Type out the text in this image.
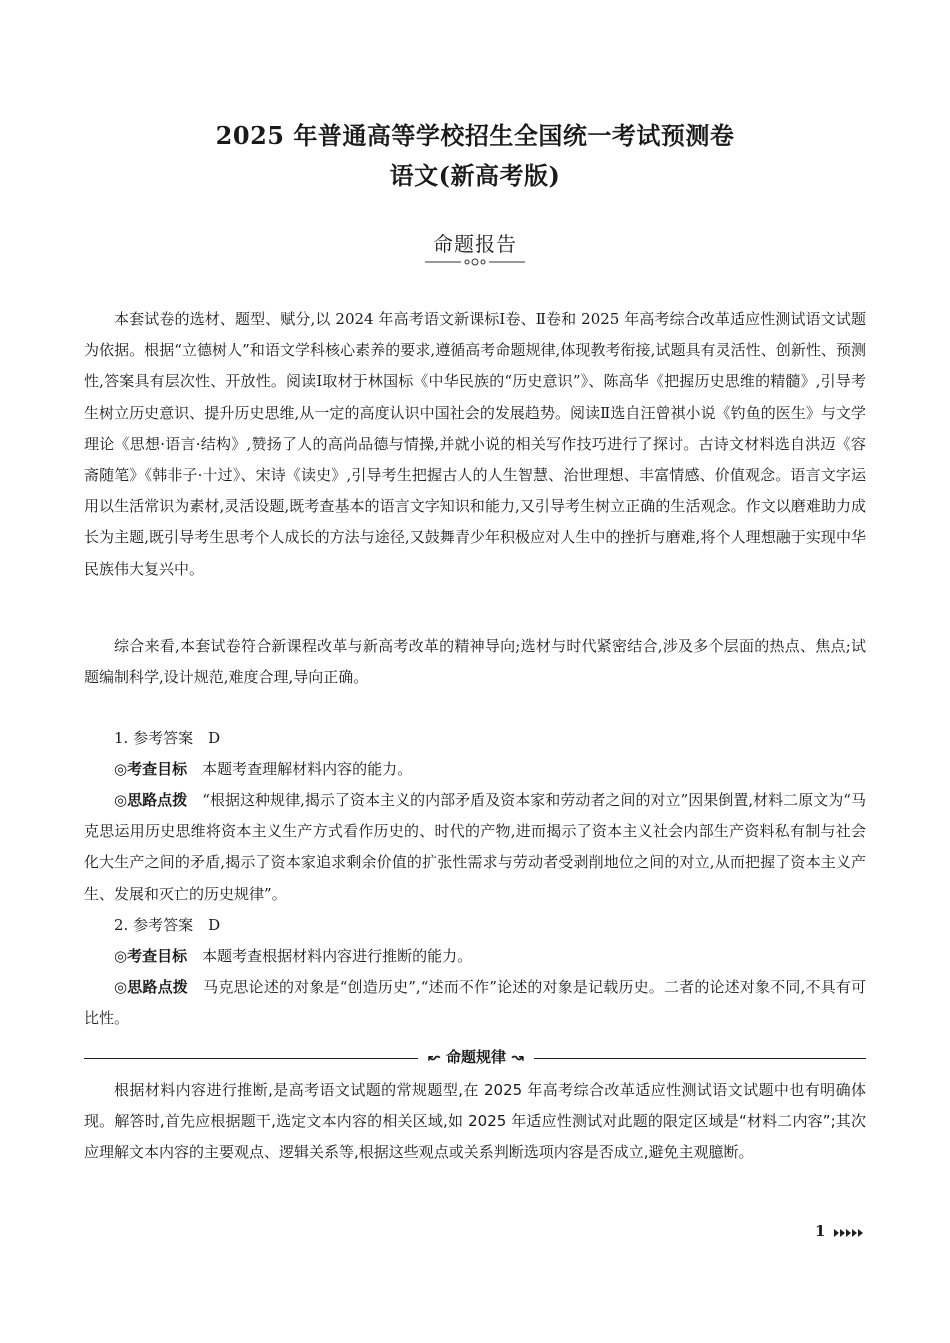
2025 年普通高等学校招生全国统一考试预测卷
语文(新高考版)
命题报告

本套试卷的选材、题型、赋分,以 2024 年高考语文新课标Ⅰ卷、Ⅱ卷和 2025 年高考综合改革适应性测试语文试题为依据。根据“立德树人”和语文学科核心素养的要求,遵循高考命题规律,体现教考衔接,试题具有灵活性、创新性、预测性,答案具有层次性、开放性。阅读Ⅰ取材于林国标《中华民族的“历史意识”》、陈高华《把握历史思维的精髓》,引导考生树立历史意识、提升历史思维,从一定的高度认识中国社会的发展趋势。阅读Ⅱ选自汪曾祺小说《钓鱼的医生》与文学理论《思想·语言·结构》,赞扬了人的高尚品德与情操,并就小说的相关写作技巧进行了探讨。古诗文材料选自洪迈《容斋随笔》《韩非子·十过》、宋诗《读史》,引导考生把握古人的人生智慧、治世理想、丰富情感、价值观念。语言文字运用以生活常识为素材,灵活设题,既考查基本的语言文字知识和能力,又引导考生树立正确的生活观念。作文以磨难助力成长为主题,既引导考生思考个人成长的方法与途径,又鼓舞青少年积极应对人生中的挫折与磨难,将个人理想融于实现中华民族伟大复兴中。

综合来看,本套试卷符合新课程改革与新高考改革的精神导向;选材与时代紧密结合,涉及多个层面的热点、焦点;试题编制科学,设计规范,难度合理,导向正确。

1. 参考答案　D

◎考查目标　 本题考查理解材料内容的能力。

◎思路点拨　 “根据这种规律,揭示了资本主义的内部矛盾及资本家和劳动者之间的对立”因果倒置,材料二原文为“马克思运用历史思维将资本主义生产方式看作历史的、时代的产物,进而揭示了资本主义社会内部生产资料私有制与社会化大生产之间的矛盾,揭示了资本家追求剩余价值的扩张性需求与劳动者受剥削地位之间的对立,从而把握了资本主义产生、发展和灭亡的历史规律”。

2. 参考答案　D

◎考查目标　 本题考查根据材料内容进行推断的能力。

◎思路点拨　 马克思论述的对象是“创造历史”,“述而不作”论述的对象是记载历史。二者的论述对象不同,不具有可比性。

↜ 命题规律 ↝

根据材料内容进行推断,是高考语文试题的常规题型,在 2025 年高考综合改革适应性测试语文试题中也有明确体现。解答时,首先应根据题干,选定文本内容的相关区域,如 2025 年适应性测试对此题的限定区域是“材料二内容”;其次应理解文本内容的主要观点、逻辑关系等,根据这些观点或关系判断选项内容是否成立,避免主观臆断。

1
